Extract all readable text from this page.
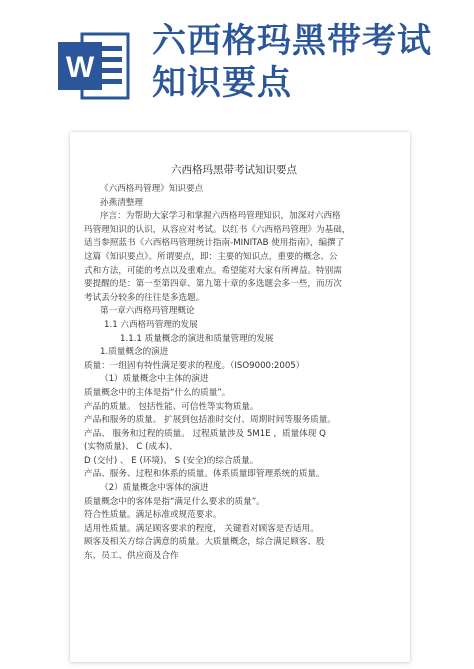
W
六西格玛黑带考试
知识要点
六西格玛黑带考试知识要点
《六西格玛管理》知识要点
孙燕清整理
序言：为帮助大家学习和掌握六西格玛管理知识，加深对六西格
玛管理知识的认识，从容应对考试。以红书《六西格玛管理》为基础，
适当参照蓝书《六西格玛管理统计指南-MINITAB 使用指南》，编撰了
这篇《知识要点》。所谓要点，即：主要的知识点，重要的概念、公
式和方法，可能的考点以及重难点。希望能对大家有所裨益。特别需
要提醒的是：第一至第四章、第九第十章的多选题会多一些，而历次
考试丢分较多的往往是多选题。
第一章六西格玛管理概论
1.1 六西格玛管理的发展
1.1.1 质量概念的演进和质量管理的发展
1.质量概念的演进
质量：一组固有特性满足要求的程度。（ISO9000:2005）
（1）质量概念中主体的演进
质量概念中的主体是指“什么的质量”。
产品的质量。 包括性能、可信性等实物质量。
产品和服务的质量。 扩展到包括准时交付、周期时间等服务质量。
产品、 服务和过程的质量。 过程质量涉及 5M1E ，质量体现 Q
(实物质量)、 C (成本)、
D (交付) 、 E (环境)、 S (安全)的综合质量。
产品、服务、过程和体系的质量。体系质量即管理系统的质量。
（2）质量概念中客体的演进
质量概念中的客体是指“满足什么要求的质量”。
符合性质量。满足标准或规范要求。
适用性质量。满足顾客要求的程度， 关键看对顾客是否适用。
顾客及相关方综合满意的质量。大质量概念，综合满足顾客、股
东、员工、供应商及合作
